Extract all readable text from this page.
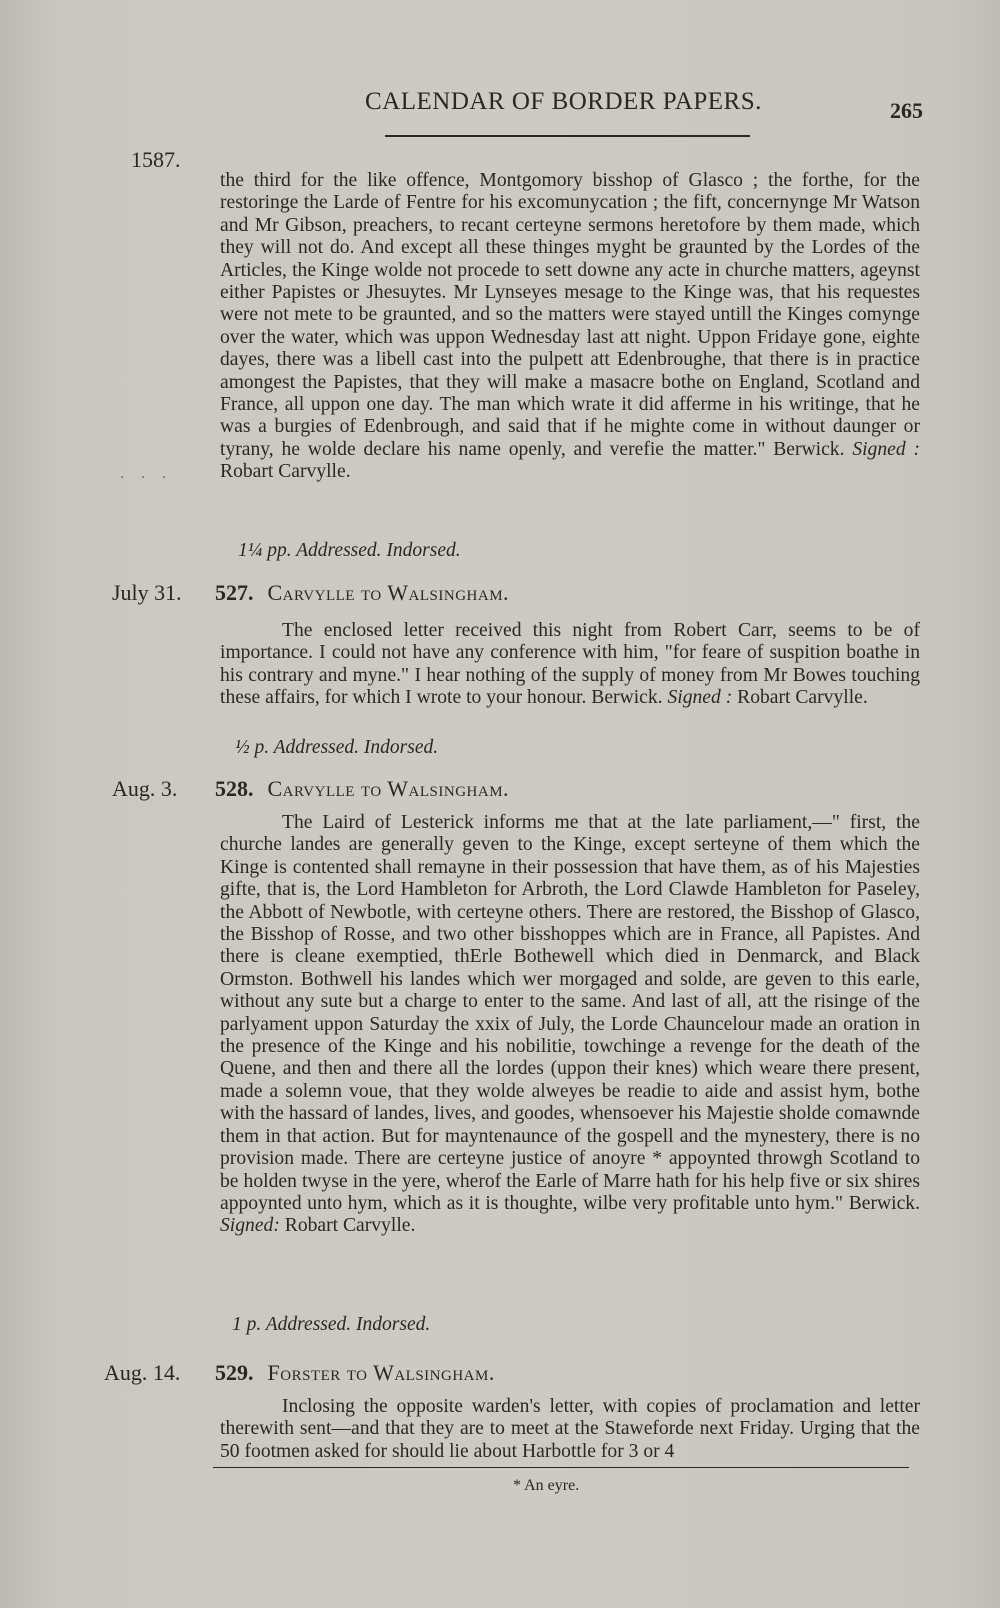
CALENDAR OF BORDER PAPERS.	265
1587.

the third for the like offence, Montgomory bisshop of Glasco ; the forthe, for the restoringe the Larde of Fentre for his excomunycation ; the fift, concernynge Mr Watson and Mr Gibson, preachers, to recant certeyne sermons heretofore by them made, which they will not do. And except all these thinges myght be graunted by the Lordes of the Articles, the Kinge wolde not procede to sett downe any acte in churche matters, ageynst either Papistes or Jhesuytes. Mr Lynseyes mesage to the Kinge was, that his requestes were not mete to be graunted, and so the matters were stayed untill the Kinges comynge over the water, which was uppon Wednesday last att night. Uppon Fridaye gone, eighte dayes, there was a libell cast into the pulpett att Edenbroughe, that there is in practice amongest the Papistes, that they will make a masacre bothe on England, Scotland and France, all uppon one day. The man which wrate it did afferme in his writinge, that he was a burgies of Edenbrough, and said that if he mighte come in without daunger or tyrany, he wolde declare his name openly, and verefie the matter." Berwick. Signed : Robart Carvylle.

1¼ pp. Addressed. Indorsed.
· · ·
July 31. 527. Carvylle to Walsingham.

The enclosed letter received this night from Robert Carr, seems to be of importance. I could not have any conference with him, "for feare of suspition boathe in his contrary and myne." I hear nothing of the supply of money from Mr Bowes touching these affairs, for which I wrote to your honour. Berwick. Signed : Robart Carvylle.

½ p. Addressed. Indorsed.
Aug. 3. 528. Carvylle to Walsingham.

The Laird of Lesterick informs me that at the late parliament,—" first, the churche landes are generally geven to the Kinge, except serteyne of them which the Kinge is contented shall remayne in their possession that have them, as of his Majesties gifte, that is, the Lord Hambleton for Arbroth, the Lord Clawde Hambleton for Paseley, the Abbott of Newbotle, with certeyne others. There are restored, the Bisshop of Glasco, the Bisshop of Rosse, and two other bisshoppes which are in France, all Papistes. And there is cleane exemptied, thErle Bothewell which died in Denmarck, and Black Ormston. Bothwell his landes which wer morgaged and solde, are geven to this earle, without any sute but a charge to enter to the same. And last of all, att the risinge of the parlyament uppon Saturday the xxix of July, the Lorde Chauncelour made an oration in the presence of the Kinge and his nobilitie, towchinge a revenge for the death of the Quene, and then and there all the lordes (uppon their knes) which weare there present, made a solemn voue, that they wolde alweyes be readie to aide and assist hym, bothe with the hassard of landes, lives, and goodes, whensoever his Majestie sholde comawnde them in that action. But for mayntenaunce of the gospell and the mynestery, there is no provision made. There are certeyne justice of anoyre * appoynted throwgh Scotland to be holden twyse in the yere, wherof the Earle of Marre hath for his help five or six shires appoynted unto hym, which as it is thoughte, wilbe very profitable unto hym." Berwick. Signed: Robart Carvylle.

1 p. Addressed. Indorsed.
Aug. 14. 529. Forster to Walsingham.

Inclosing the opposite warden's letter, with copies of proclamation and letter therewith sent—and that they are to meet at the Staweforde next Friday. Urging that the 50 footmen asked for should lie about Harbottle for 3 or 4

* An eyre.
